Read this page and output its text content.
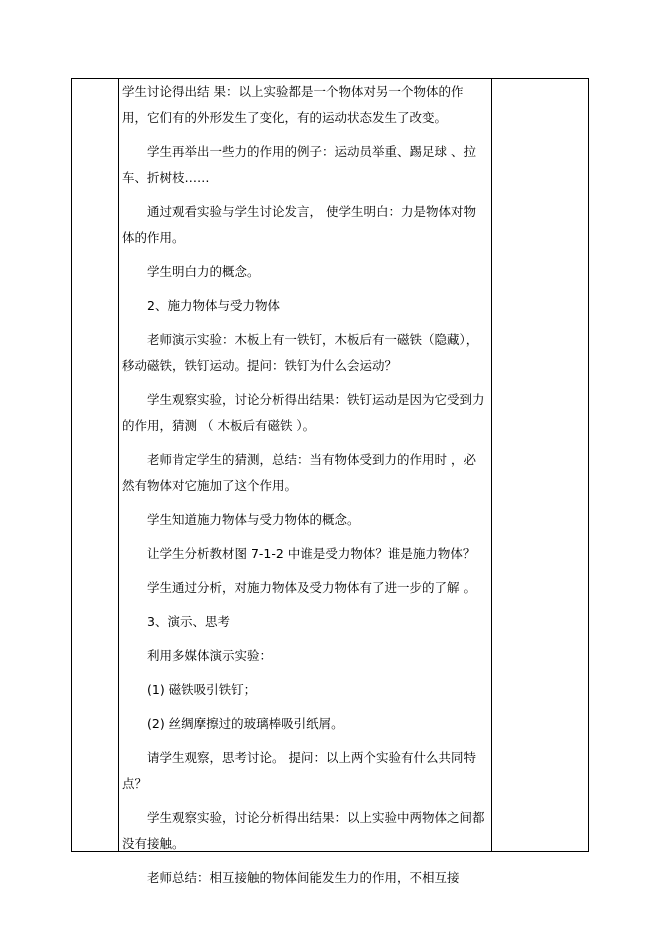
学生讨论得出结 果：以上实验都是一个物体对另一个物体的作用，它们有的外形发生了变化，有的运动状态发生了改变。

学生再举出一些力的作用的例子：运动员举重、踢足球 、拉车、折树枝……

通过观看实验与学生讨论发言， 使学生明白：力是物体对物体的作用。

学生明白力的概念。

2、施力物体与受力物体

老师演示实验：木板上有一铁钉，木板后有一磁铁（隐藏），移动磁铁，铁钉运动。提问：铁钉为什么会运动？

学生观察实验，讨论分析得出结果：铁钉运动是因为它受到力的作用，猜测 （ 木板后有磁铁 ）。

老师肯定学生的猜测，总结：当有物体受到力的作用时 ，必然有物体对它施加了这个作用。

学生知道施力物体与受力物体的概念。

让学生分析教材图 7-1-2 中谁是受力物体？谁是施力物体？

学生通过分析，对施力物体及受力物体有了进一步的了解 。

3、演示、思考

利用多媒体演示实验：

(1) 磁铁吸引铁钉；

(2) 丝绸摩擦过的玻璃棒吸引纸屑。

请学生观察，思考讨论。 提问：以上两个实验有什么共同特点？

学生观察实验，讨论分析得出结果：以上实验中两物体之间都没有接触。

老师总结：相互接触的物体间能发生力的作用，不相互接
